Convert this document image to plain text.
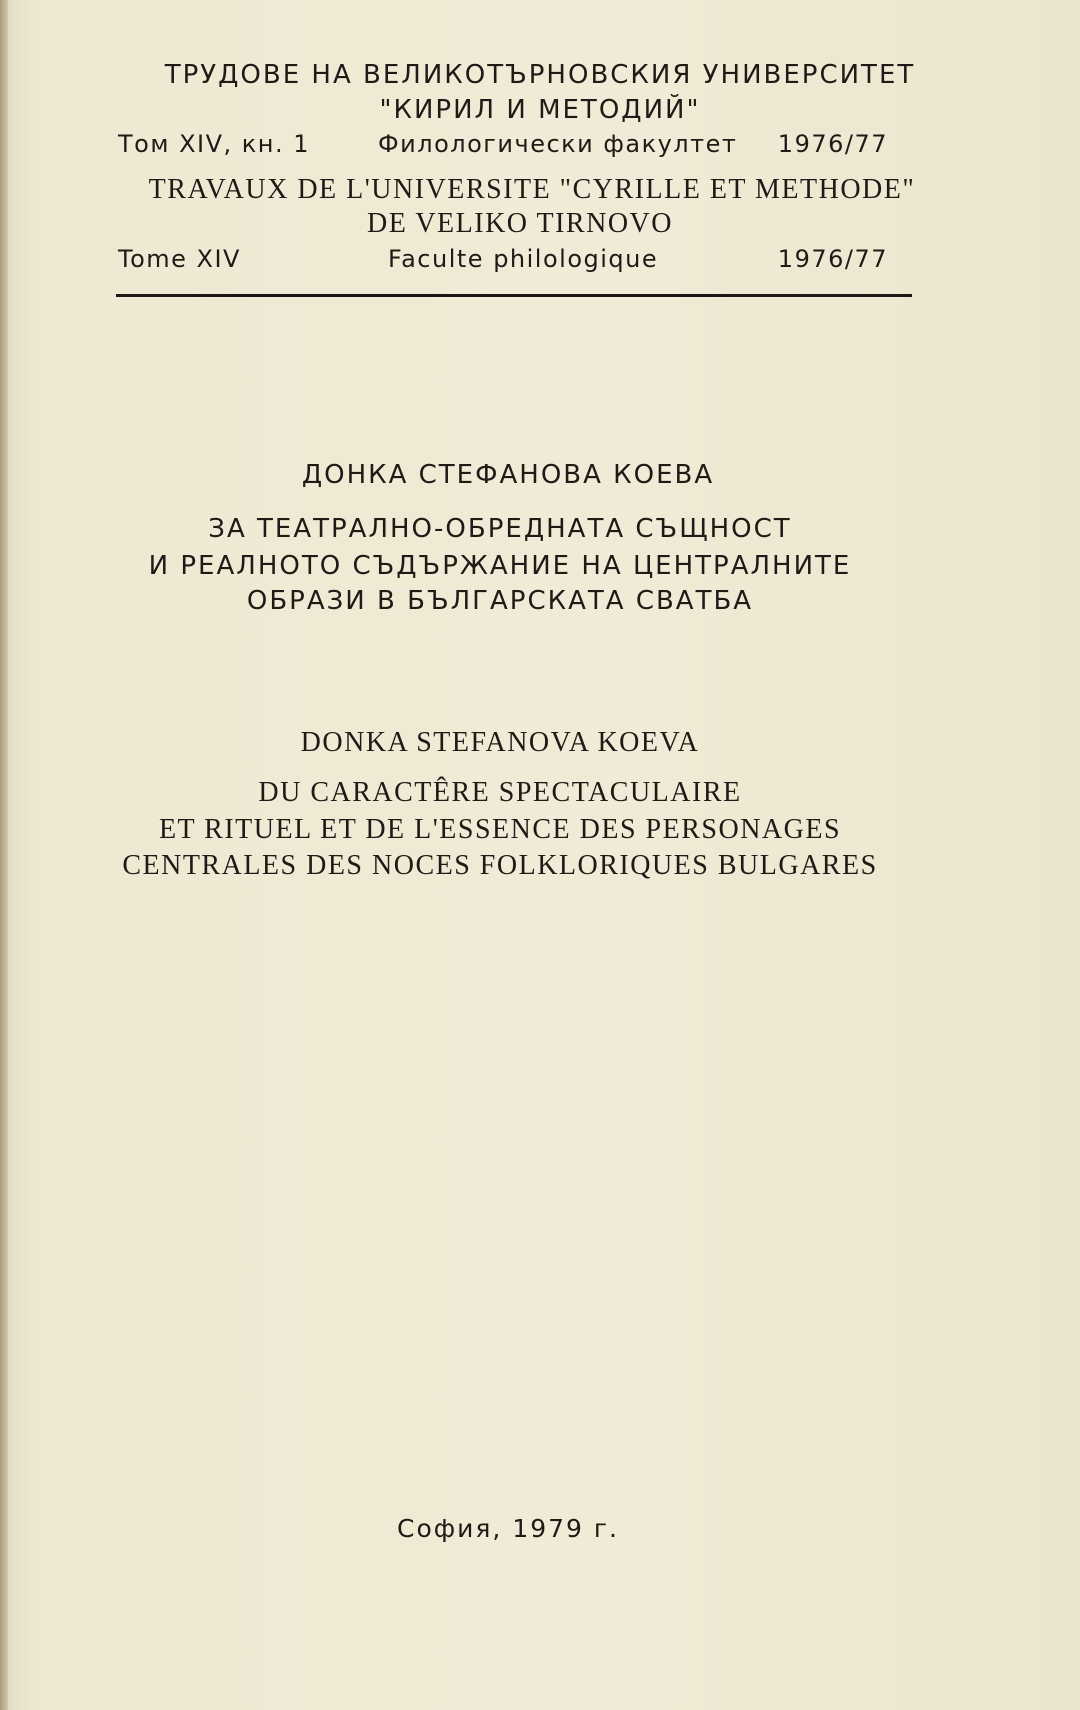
ТРУДОВЕ НА ВЕЛИКОТЪРНОВСКИЯ УНИВЕРСИТЕТ
"КИРИЛ И МЕТОДИЙ"
Том XIV, кн. 1	Филологически факултет 1976/77
TRAVAUX DE L'UNIVERSITE "CYRILLE ET METHODE"
DE VELIKO TIRNOVO
Tome XIV	Faculte philologique	1976/77
ДОНКА СТЕФАНОВА КОЕВА
ЗА ТЕАТРАЛНО-ОБРЕДНАТА СЪЩНОСТ
И РЕАЛНОТО СЪДЪРЖАНИЕ НА ЦЕНТРАЛНИТЕ
ОБРАЗИ В БЪЛГАРСКАТА СВАТБА
DONKA STEFANOVA KOEVA
DU CARACTÊRE SPECTACULAIRE
ET RITUEL ET DE L'ESSENCE DES PERSONAGES
CENTRALES DES NOCES FOLKLORIQUES BULGARES
София, 1979 г.
